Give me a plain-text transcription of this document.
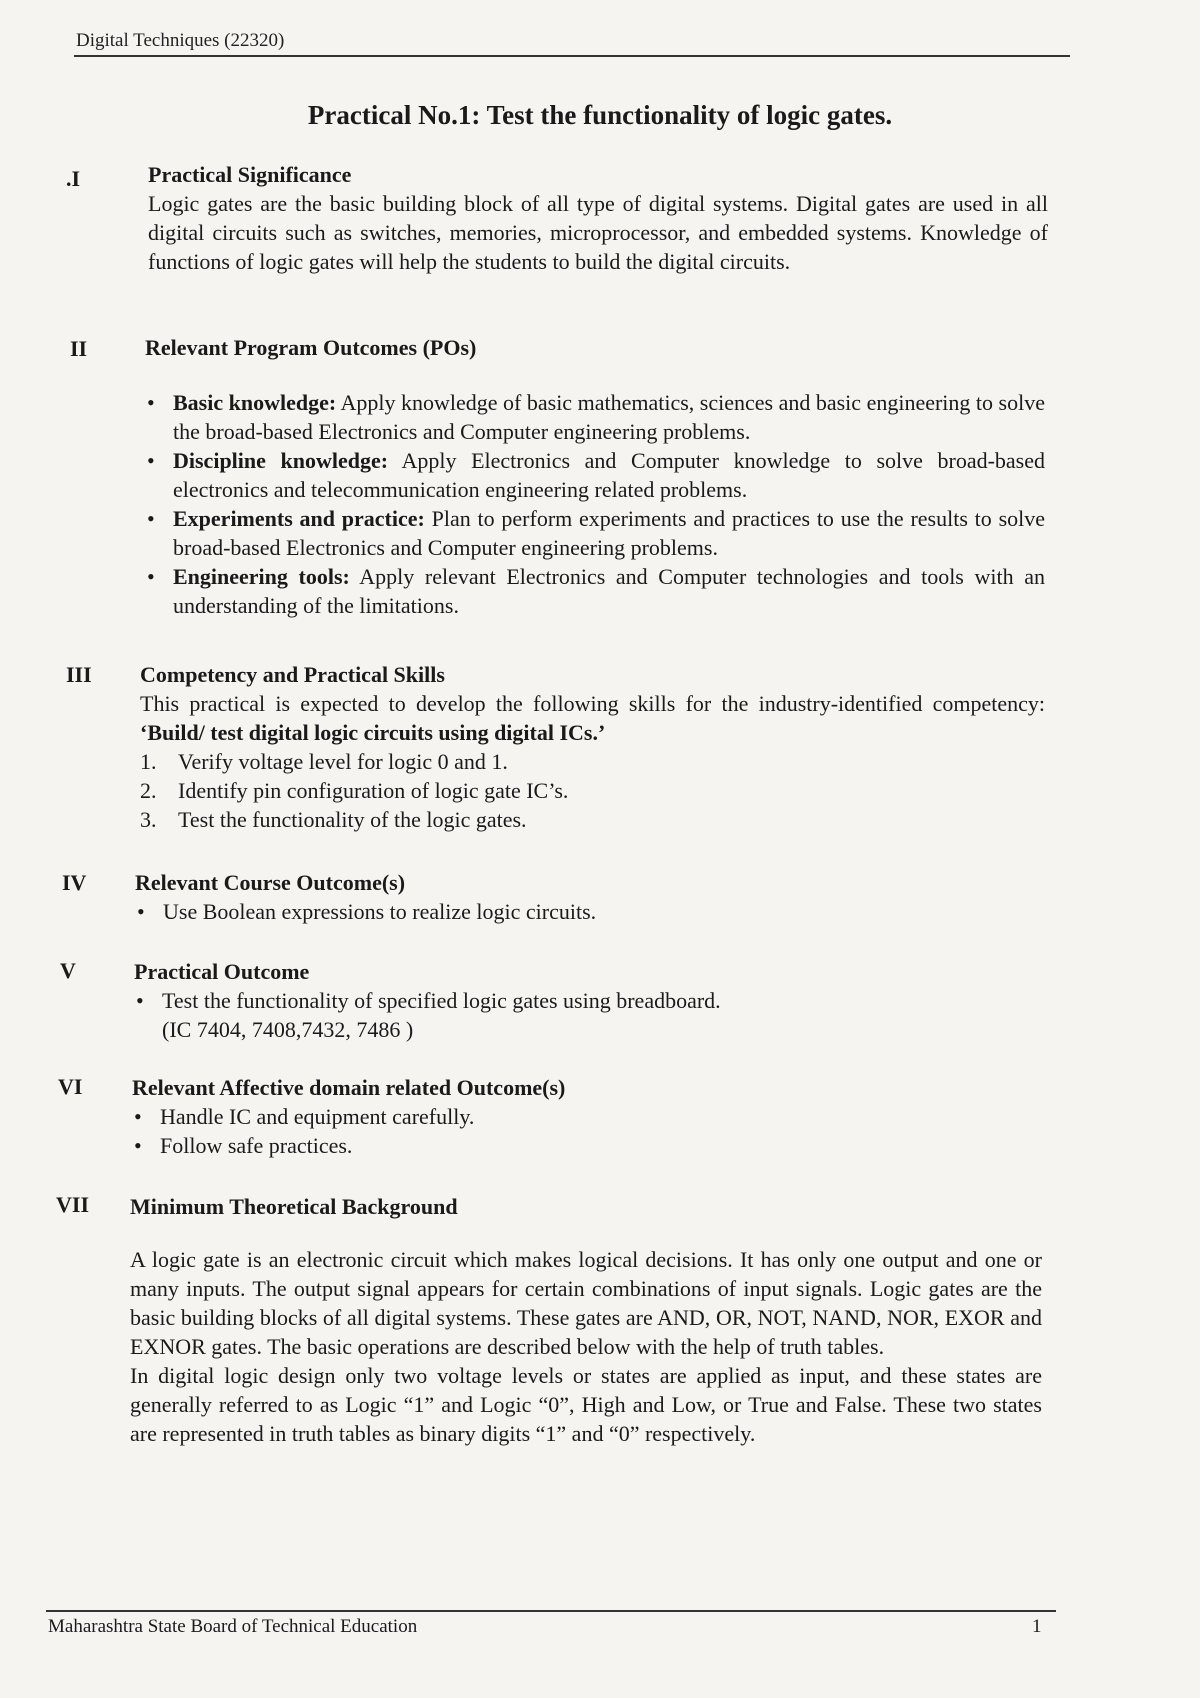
Digital Techniques (22320)
Practical No.1: Test the functionality of logic gates.
.I	Practical Significance
Logic gates are the basic building block of all type of digital systems. Digital gates are used in all digital circuits such as switches, memories, microprocessor, and embedded systems. Knowledge of functions of logic gates will help the students to build the digital circuits.
II	Relevant Program Outcomes (POs)
• Basic knowledge: Apply knowledge of basic mathematics, sciences and basic engineering to solve the broad-based Electronics and Computer engineering problems.
• Discipline knowledge: Apply Electronics and Computer knowledge to solve broad-based electronics and telecommunication engineering related problems.
• Experiments and practice: Plan to perform experiments and practices to use the results to solve broad-based Electronics and Computer engineering problems.
• Engineering tools: Apply relevant Electronics and Computer technologies and tools with an understanding of the limitations.
III Competency and Practical Skills
This practical is expected to develop the following skills for the industry-identified competency: ‘Build/ test digital logic circuits using digital ICs.’
1. Verify voltage level for logic 0 and 1.
2. Identify pin configuration of logic gate IC’s.
3. Test the functionality of the logic gates.
IV Relevant Course Outcome(s)
• Use Boolean expressions to realize logic circuits.
V	Practical Outcome
• Test the functionality of specified logic gates using breadboard.
(IC 7404, 7408,7432, 7486 )
VI Relevant Affective domain related Outcome(s)
• Handle IC and equipment carefully.
• Follow safe practices.
VII Minimum Theoretical Background
A logic gate is an electronic circuit which makes logical decisions. It has only one output and one or many inputs. The output signal appears for certain combinations of input signals. Logic gates are the basic building blocks of all digital systems. These gates are AND, OR, NOT, NAND, NOR, EXOR and EXNOR gates. The basic operations are described below with the help of truth tables.
In digital logic design only two voltage levels or states are applied as input, and these states are generally referred to as Logic “1” and Logic “0”, High and Low, or True and False. These two states are represented in truth tables as binary digits “1” and “0” respectively.
Maharashtra State Board of Technical Education	1
